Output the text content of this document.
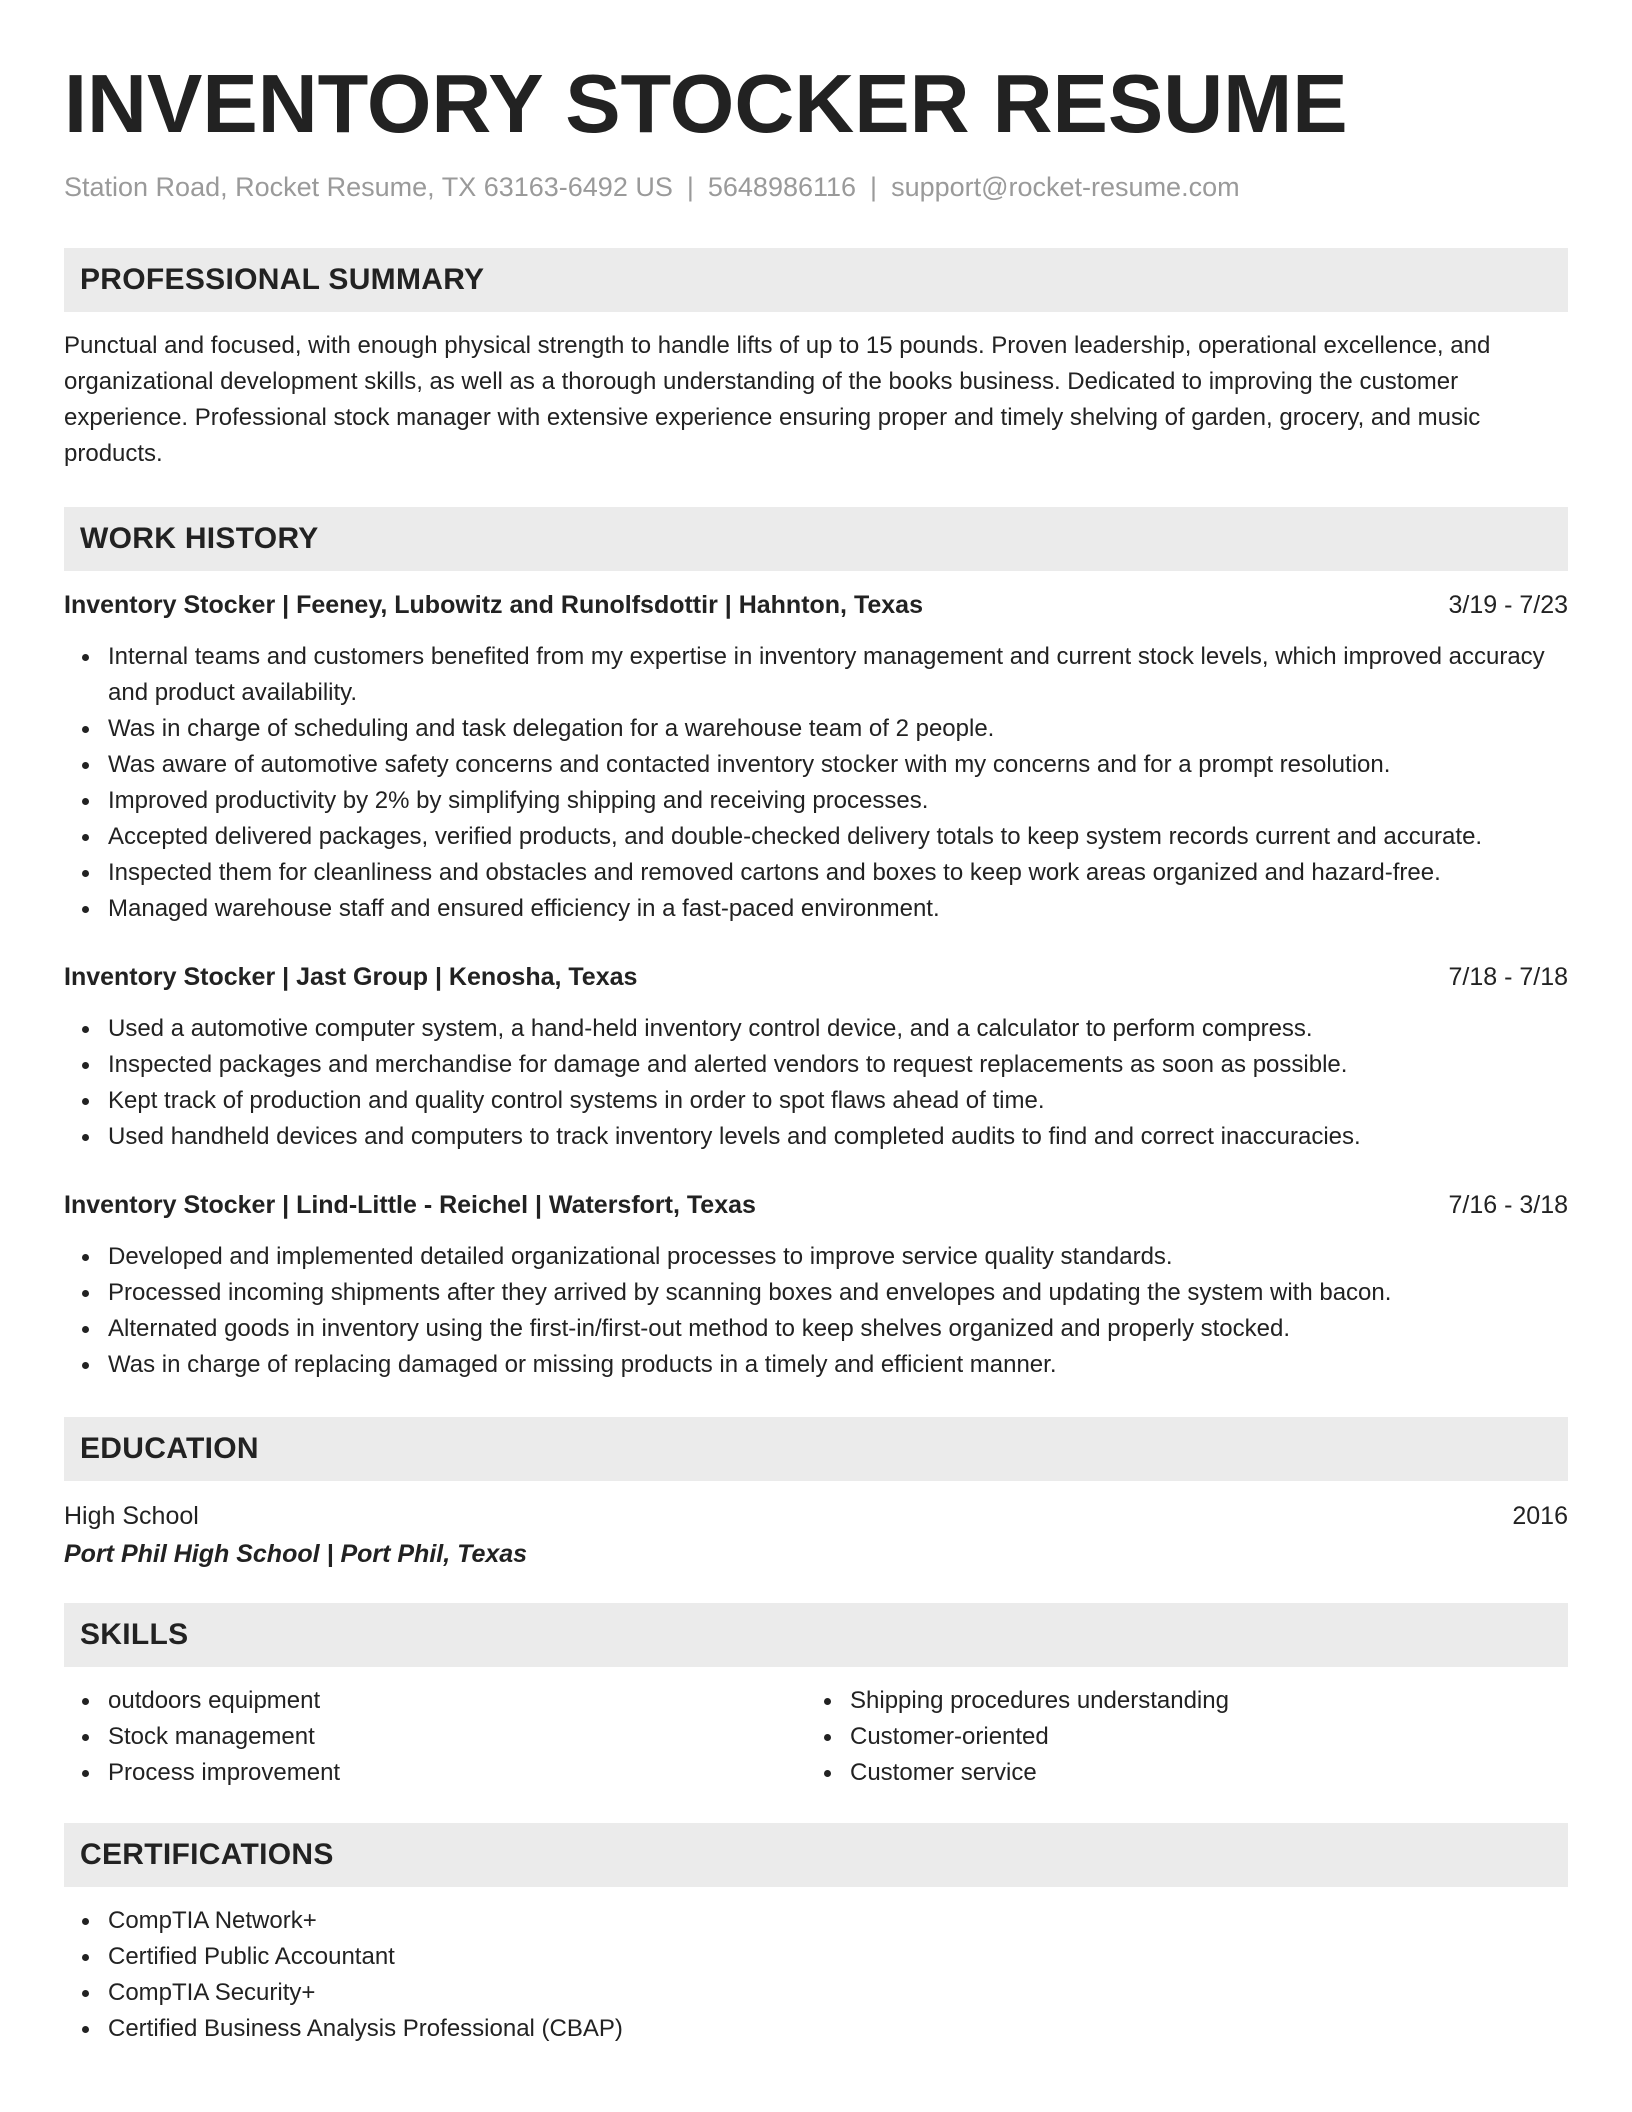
INVENTORY STOCKER RESUME
Station Road, Rocket Resume, TX 63163-6492 US | 5648986116 | support@rocket-resume.com
PROFESSIONAL SUMMARY
Punctual and focused, with enough physical strength to handle lifts of up to 15 pounds. Proven leadership, operational excellence, and organizational development skills, as well as a thorough understanding of the books business. Dedicated to improving the customer experience. Professional stock manager with extensive experience ensuring proper and timely shelving of garden, grocery, and music products.
WORK HISTORY
Inventory Stocker | Feeney, Lubowitz and Runolfsdottir | Hahnton, Texas	3/19 - 7/23
Internal teams and customers benefited from my expertise in inventory management and current stock levels, which improved accuracy and product availability.
Was in charge of scheduling and task delegation for a warehouse team of 2 people.
Was aware of automotive safety concerns and contacted inventory stocker with my concerns and for a prompt resolution.
Improved productivity by 2% by simplifying shipping and receiving processes.
Accepted delivered packages, verified products, and double-checked delivery totals to keep system records current and accurate.
Inspected them for cleanliness and obstacles and removed cartons and boxes to keep work areas organized and hazard-free.
Managed warehouse staff and ensured efficiency in a fast-paced environment.
Inventory Stocker | Jast Group | Kenosha, Texas	7/18 - 7/18
Used a automotive computer system, a hand-held inventory control device, and a calculator to perform compress.
Inspected packages and merchandise for damage and alerted vendors to request replacements as soon as possible.
Kept track of production and quality control systems in order to spot flaws ahead of time.
Used handheld devices and computers to track inventory levels and completed audits to find and correct inaccuracies.
Inventory Stocker | Lind-Little - Reichel | Watersfort, Texas	7/16 - 3/18
Developed and implemented detailed organizational processes to improve service quality standards.
Processed incoming shipments after they arrived by scanning boxes and envelopes and updating the system with bacon.
Alternated goods in inventory using the first-in/first-out method to keep shelves organized and properly stocked.
Was in charge of replacing damaged or missing products in a timely and efficient manner.
EDUCATION
High School	2016
Port Phil High School | Port Phil, Texas
SKILLS
outdoors equipment
Stock management
Process improvement
Shipping procedures understanding
Customer-oriented
Customer service
CERTIFICATIONS
CompTIA Network+
Certified Public Accountant
CompTIA Security+
Certified Business Analysis Professional (CBAP)
